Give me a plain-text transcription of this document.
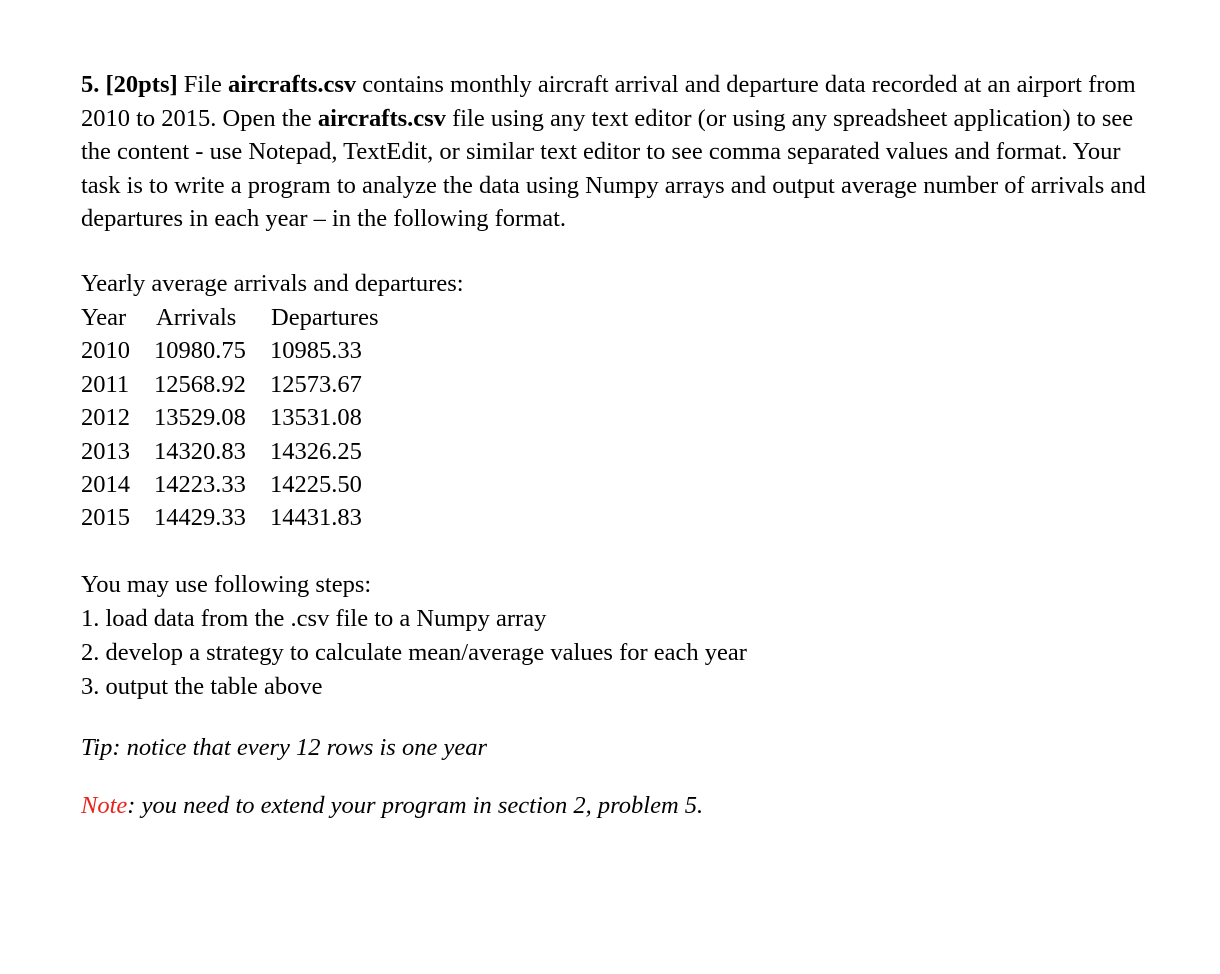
5. [20pts] File aircrafts.csv contains monthly aircraft arrival and departure data recorded at an airport from 2010 to 2015. Open the aircrafts.csv file using any text editor (or using any spreadsheet application) to see the content - use Notepad, TextEdit, or similar text editor to see comma separated values and format. Your task is to write a program to analyze the data using Numpy arrays and output average number of arrivals and departures in each year – in the following format.

Yearly average arrivals and departures:

Year	Arrivals	Departures
2010	10980.75	10985.33
2011	12568.92	12573.67
2012	13529.08	13531.08
2013	14320.83	14326.25
2014	14223.33	14225.50
2015	14429.33	14431.83
You may use following steps:
1. load data from the .csv file to a Numpy array
2. develop a strategy to calculate mean/average values for each year
3. output the table above

Tip: notice that every 12 rows is one year

Note: you need to extend your program in section 2, problem 5.
